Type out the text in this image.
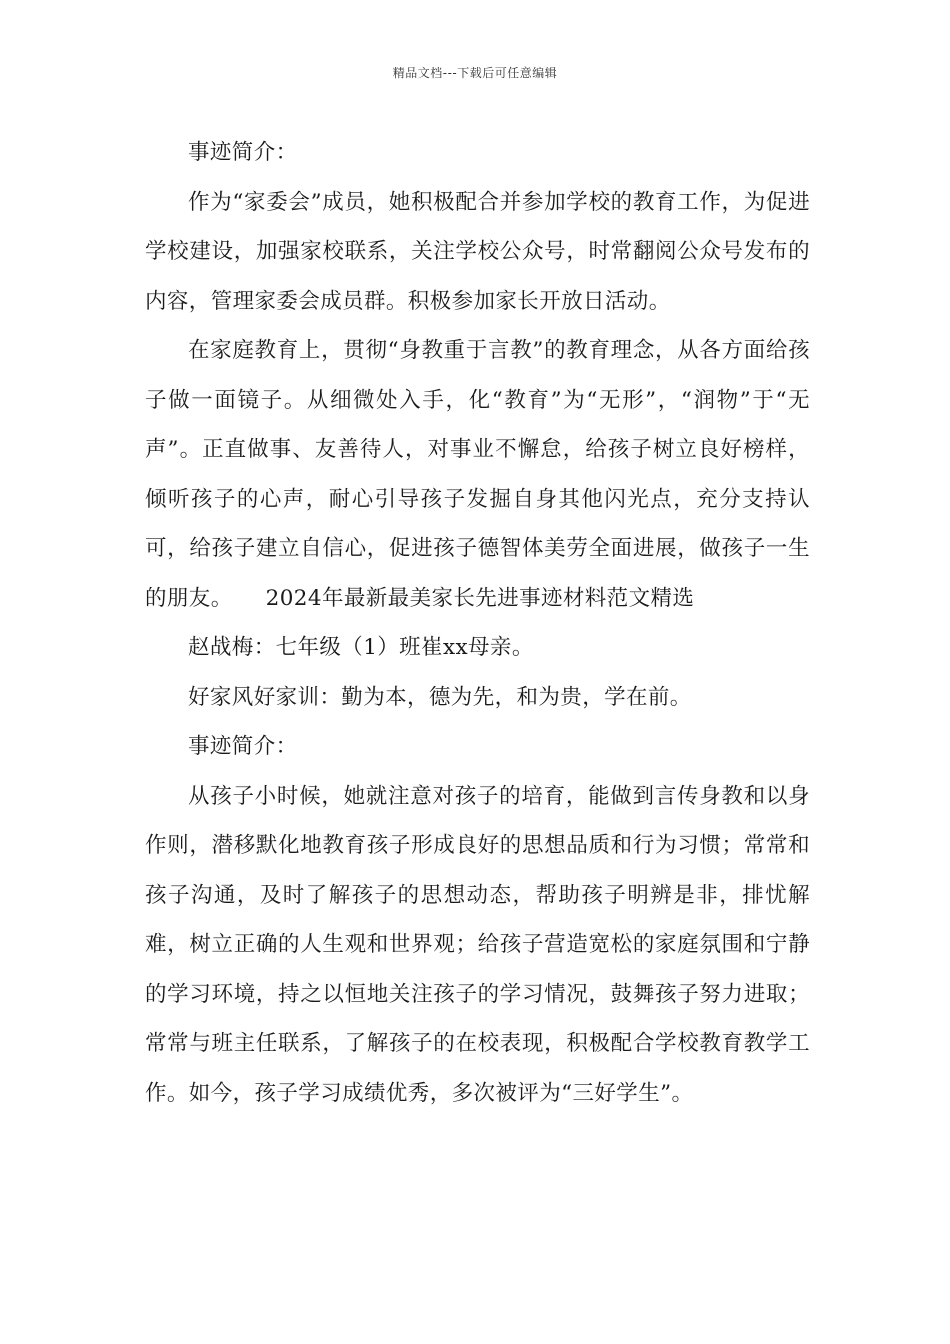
精品文档---下载后可任意编辑

事迹简介：

作为“家委会”成员，她积极配合并参加学校的教育工作，为促进学校建设，加强家校联系，关注学校公众号，时常翻阅公众号发布的内容，管理家委会成员群。积极参加家长开放日活动。

在家庭教育上，贯彻“身教重于言教”的教育理念，从各方面给孩子做一面镜子。从细微处入手，化“教育”为“无形”，“润物”于“无声”。正直做事、友善待人，对事业不懈怠，给孩子树立良好榜样，倾听孩子的心声，耐心引导孩子发掘自身其他闪光点，充分支持认可，给孩子建立自信心，促进孩子德智体美劳全面进展，做孩子一生的朋友。　　2024年最新最美家长先进事迹材料范文精选

赵战梅：七年级（1）班崔xx母亲。

好家风好家训：勤为本，德为先，和为贵，学在前。

事迹简介：

从孩子小时候，她就注意对孩子的培育，能做到言传身教和以身作则，潜移默化地教育孩子形成良好的思想品质和行为习惯；常常和孩子沟通，及时了解孩子的思想动态，帮助孩子明辨是非，排忧解难，树立正确的人生观和世界观；给孩子营造宽松的家庭氛围和宁静的学习环境，持之以恒地关注孩子的学习情况，鼓舞孩子努力进取；常常与班主任联系，了解孩子的在校表现，积极配合学校教育教学工作。如今，孩子学习成绩优秀，多次被评为“三好学生”。
